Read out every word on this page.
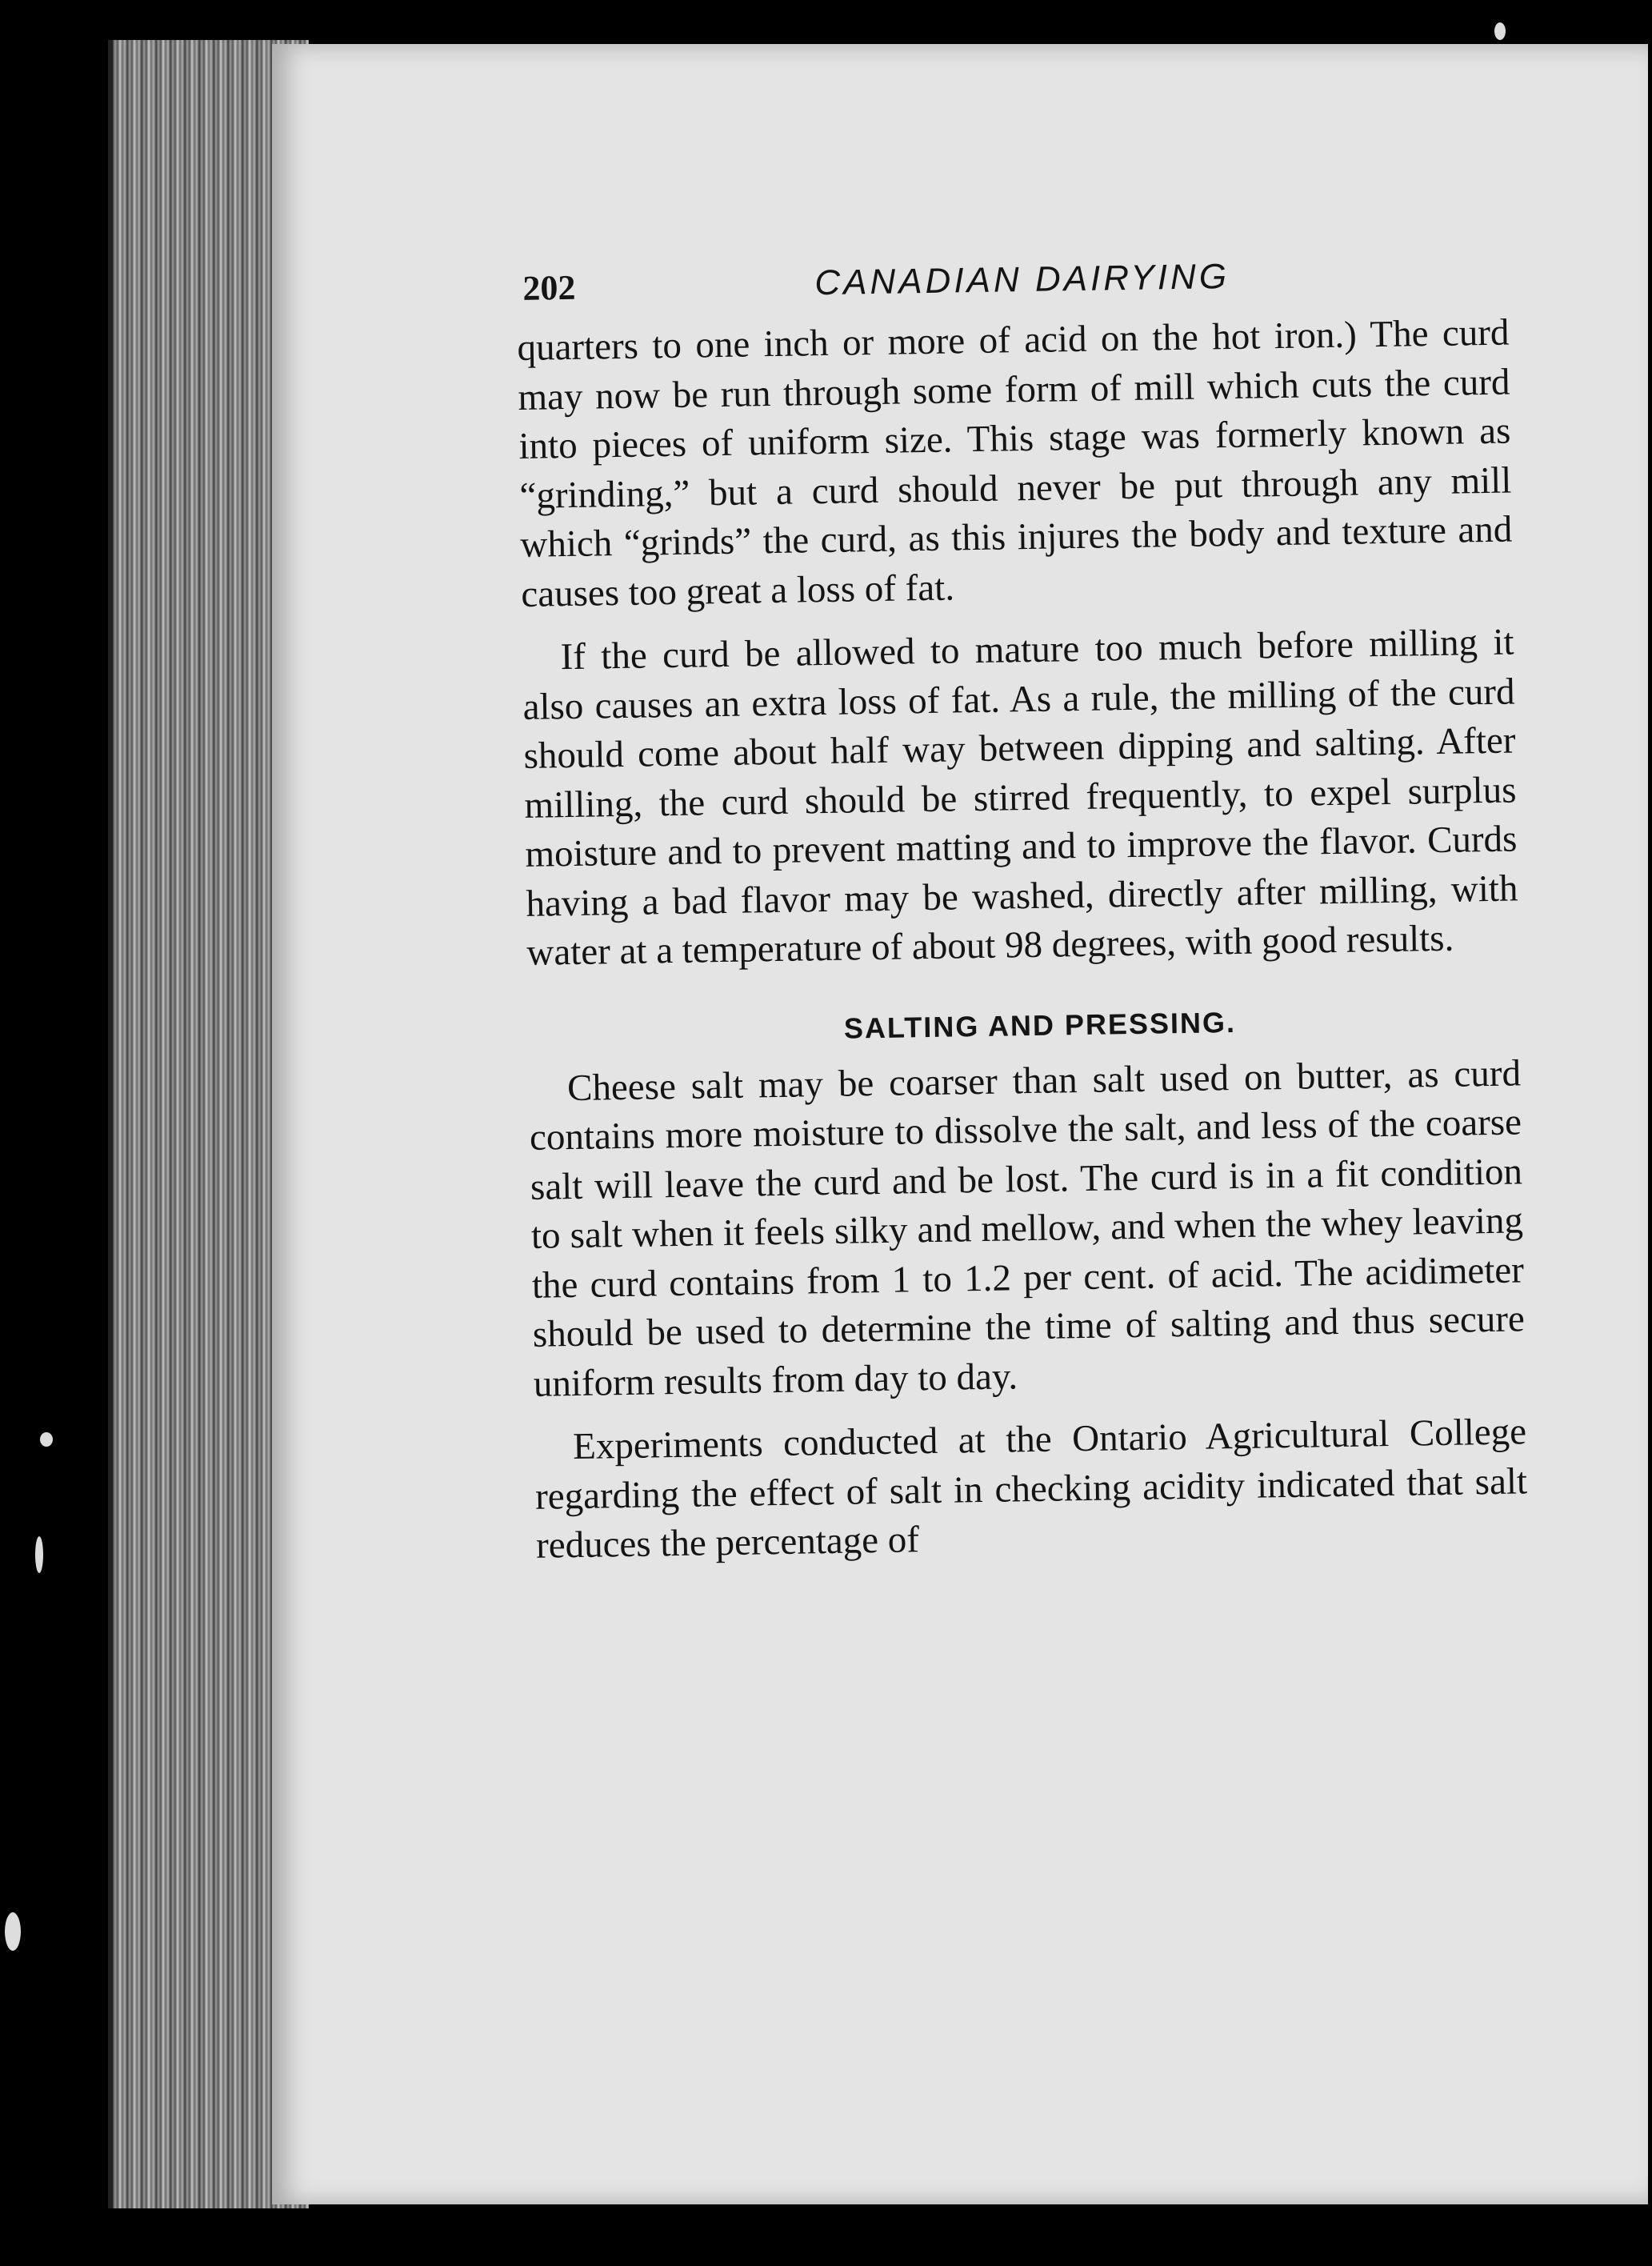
202	CANADIAN DAIRYING

quarters to one inch or more of acid on the hot iron.) The curd may now be run through some form of mill which cuts the curd into pieces of uniform size. This stage was formerly known as “grinding,” but a curd should never be put through any mill which “grinds” the curd, as this injures the body and texture and causes too great a loss of fat.

If the curd be allowed to mature too much before milling it also causes an extra loss of fat. As a rule, the milling of the curd should come about half way between dipping and salting. After milling, the curd should be stirred frequently, to expel surplus moisture and to prevent matting and to improve the flavor. Curds having a bad flavor may be washed, directly after milling, with water at a temperature of about 98 degrees, with good results.

SALTING AND PRESSING.

Cheese salt may be coarser than salt used on butter, as curd contains more moisture to dissolve the salt, and less of the coarse salt will leave the curd and be lost. The curd is in a fit condition to salt when it feels silky and mellow, and when the whey leaving the curd contains from 1 to 1.2 per cent. of acid. The acidimeter should be used to determine the time of salting and thus secure uniform results from day to day.

Experiments conducted at the Ontario Agricultural College regarding the effect of salt in checking acidity indicated that salt reduces the percentage of
